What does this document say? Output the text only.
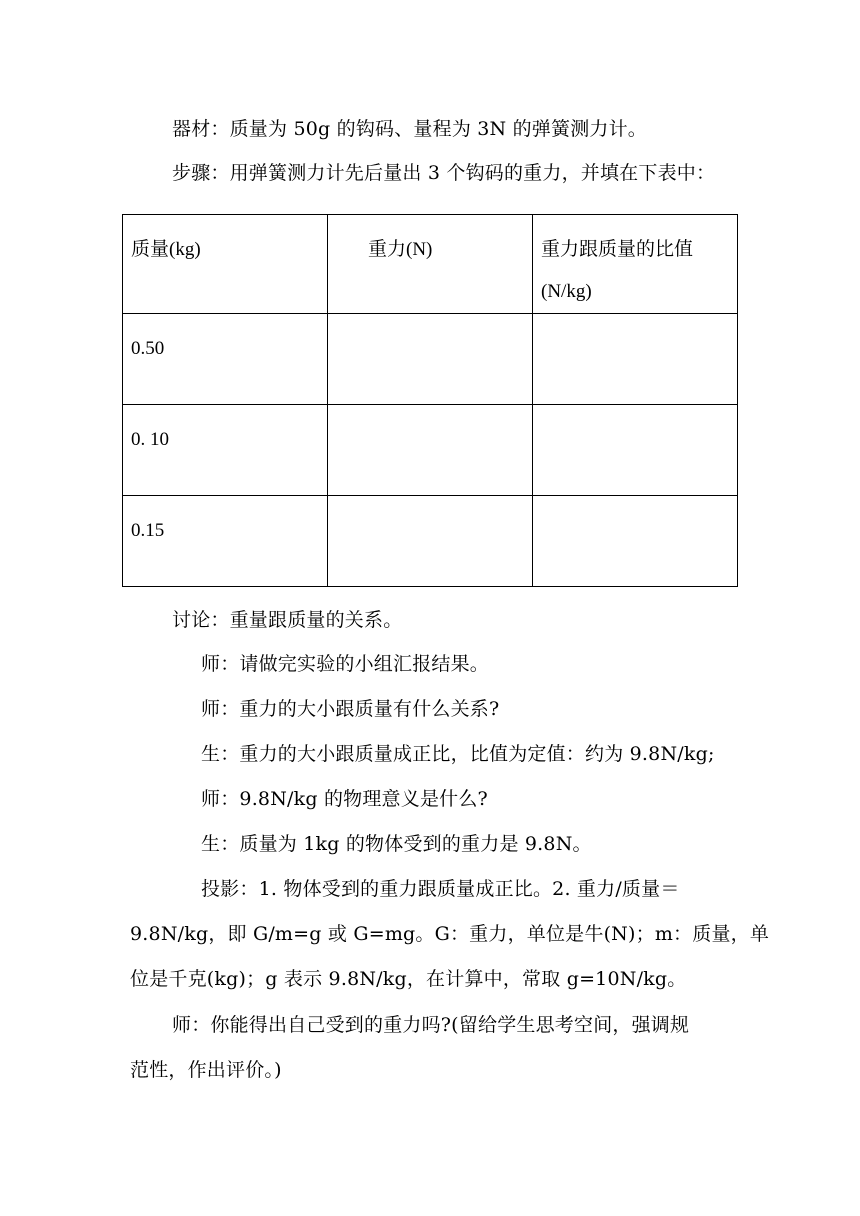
器材：质量为 50g 的钩码、量程为 3N 的弹簧测力计。
步骤：用弹簧测力计先后量出 3 个钩码的重力，并填在下表中：
质量(kg)	重力(N)	重力跟质量的比值(N/kg)

0.50		

0. 10		

0.15		

讨论：重量跟质量的关系。
师：请做完实验的小组汇报结果。
师：重力的大小跟质量有什么关系?
生：重力的大小跟质量成正比，比值为定值：约为 9.8N/kg;
师：9.8N/kg 的物理意义是什么?
生：质量为 1kg 的物体受到的重力是 9.8N。
投影：1. 物体受到的重力跟质量成正比。2. 重力/质量＝
9.8N/kg，即 G/m=g 或 G=mg。G：重力，单位是牛(N)；m：质量，单
位是千克(kg)；g 表示 9.8N/kg，在计算中，常取 g=10N/kg。
师：你能得出自己受到的重力吗?(留给学生思考空间，强调规
范性，作出评价。)
